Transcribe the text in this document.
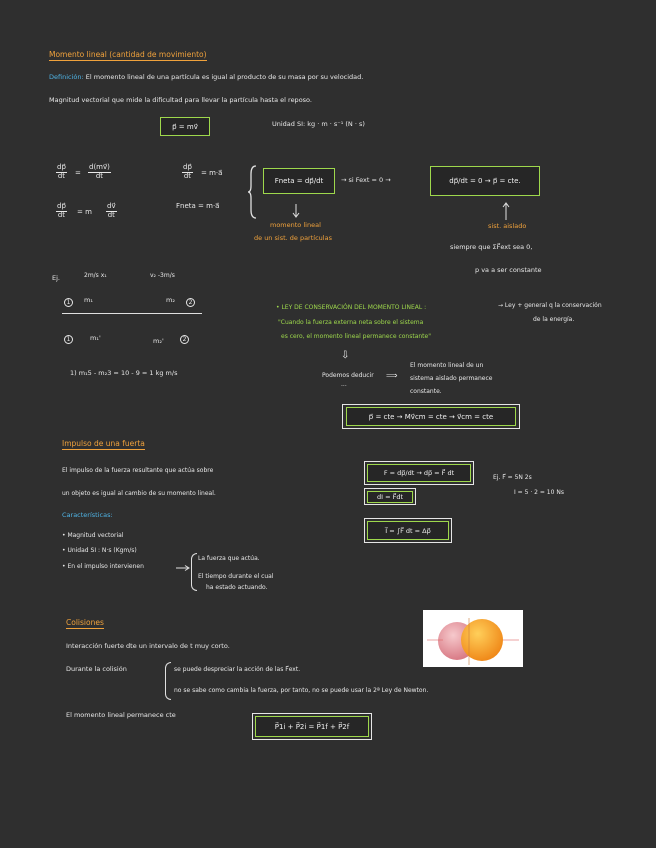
Momento lineal (cantidad de movimiento)
Definición: El momento lineal de una partícula es igual al producto de su masa por su velocidad.
Magnitud vectorial que mide la dificultad para llevar la partícula hasta el reposo.
p⃗ = mv⃗	Unidad SI: kg · m · s⁻¹ (N · s)
$\frac{dp⃗}{dt} = \frac{d(mv⃗)}{dt}$
$\frac{dp⃗}{dt} = m \frac{dv⃗}{dt}$
$\frac{dp⃗}{dt}$ = m·a⃗
Fneta = m·a⃗
Fneta = dp⃗/dt	→ si Fext = 0 →	dp⃗/dt = 0 → p⃗ = cte.
momento lineal
de un sist. de partículas
sist. aislado
siempre que ΣF⃗ext sea 0,
p va a ser constante
Ej.	2m/s x₁	v₂ -3m/s
1	m₁	m₂	2
1	m₁'	m₂'	2
1) m₁5 - m₂3 = 10 - 9 = 1 kg m/s
• LEY DE CONSERVACIÓN DEL MOMENTO LINEAL :	→ Ley + general q la conservación
de la energía.
"Cuando la fuerza externa neta sobre el sistema
es cero, el momento lineal permanece constante"
⇩
Podemos deducir
...
⟹
El momento lineal de un
sistema aislado permanece
constante.
p⃗ = cte → Mv⃗cm = cte → v⃗cm = cte
Impulso de una fuerta
El impulso de la fuerza resultante que actúa sobre
un objeto es igual al cambio de su momento lineal.
F = dp⃗/dt → dp⃗ = F⃗ dt
dI = F⃗dt
I⃗ = ∫F⃗ dt = Δp⃗
Ej. F⃗ = 5N 2s
I = 5 · 2 = 10 Ns
Características:
• Magnitud vectorial
• Unidad SI : N·s (Kgm/s)
• En el impulso intervienen
La fuerza que actúa.
El tiempo durante el cual
ha estado actuando.
Colisiones
Interacción fuerte dte un intervalo de t muy corto.
Durante la colisión	se puede despreciar la acción de las F⃗ext.
no se sabe como cambia la fuerza, por tanto, no se puede usar la 2ª Ley de Newton.
El momento lineal permanece cte
P⃗1i + P⃗2i = P⃗1f + P⃗2f
